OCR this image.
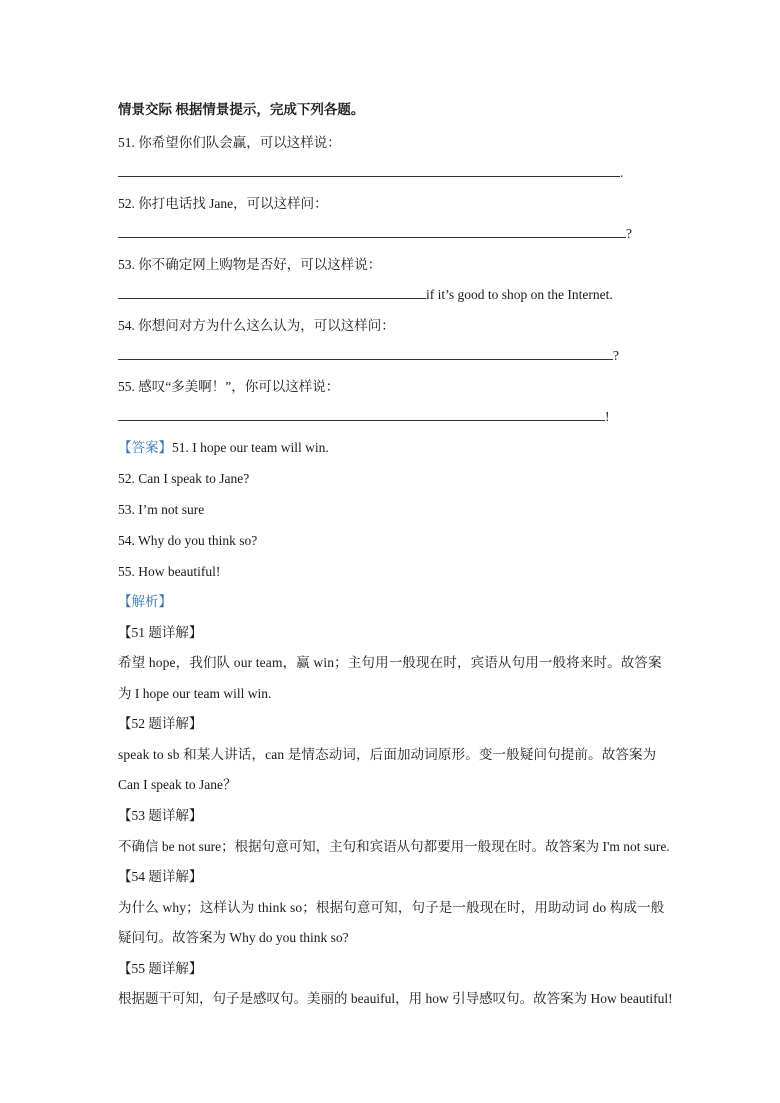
情景交际 根据情景提示，完成下列各题。
51. 你希望你们队会赢，可以这样说：
.
52. 你打电话找 Jane，可以这样问：
?
53. 你不确定网上购物是否好，可以这样说：
if it’s good to shop on the Internet.
54. 你想问对方为什么这么认为，可以这样问：
?
55. 感叹“多美啊！”，你可以这样说：
!
【答案】51. I hope our team will win.
52. Can I speak to Jane?
53. I’m not sure
54. Why do you think so?
55. How beautiful!
【解析】
【51 题详解】
希望 hope，我们队 our team，赢 win；主句用一般现在时，宾语从句用一般将来时。故答案
为 I hope our team will win.
【52 题详解】
speak to sb 和某人讲话，can 是情态动词，后面加动词原形。变一般疑问句提前。故答案为
Can I speak to Jane？
【53 题详解】
不确信 be not sure；根据句意可知，主句和宾语从句都要用一般现在时。故答案为 I'm not sure.
【54 题详解】
为什么 why；这样认为 think so；根据句意可知，句子是一般现在时，用助动词 do 构成一般
疑问句。故答案为 Why do you think so?
【55 题详解】
根据题干可知，句子是感叹句。美丽的 beauiful，用 how 引导感叹句。故答案为 How beautiful!
